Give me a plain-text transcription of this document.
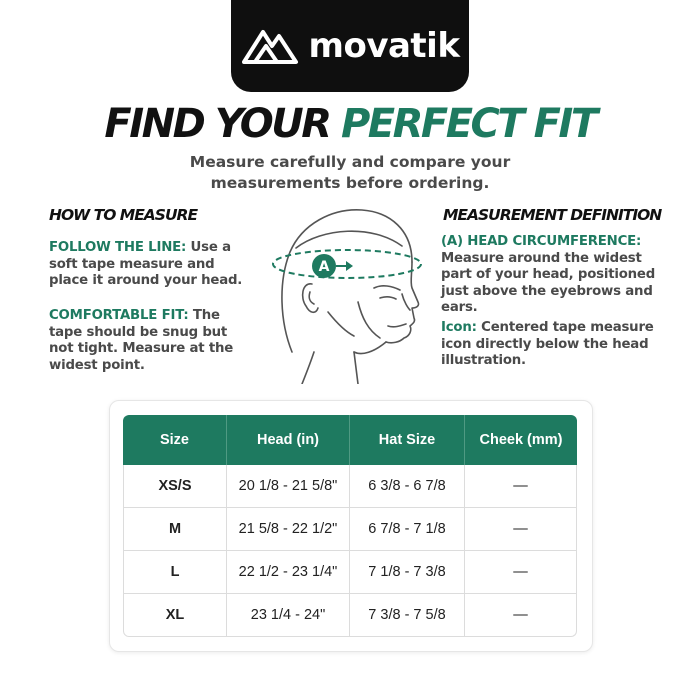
movatik
FIND YOUR PERFECT FIT
Measure carefully and compare your
measurements before ordering.
HOW TO MEASURE	MEASUREMENT DEFINITION

FOLLOW THE LINE: Use a soft tape measure and place it around your head.

COMFORTABLE FIT: The tape should be snug but not tight. Measure at the widest point.

(A) HEAD CIRCUMFERENCE: Measure around the widest part of your head, positioned just above the eyebrows and ears.

Icon: Centered tape measure icon directly below the head illustration.

A
Size	Head (in)	Hat Size	Cheek (mm)
XS/S	20 1/8 - 21 5/8"	6 3/8 - 6 7/8	—
M	21 5/8 - 22 1/2"	6 7/8 - 7 1/8	—
L	22 1/2 - 23 1/4"	7 1/8 - 7 3/8	—
XL	23 1/4 - 24"	7 3/8 - 7 5/8	—
